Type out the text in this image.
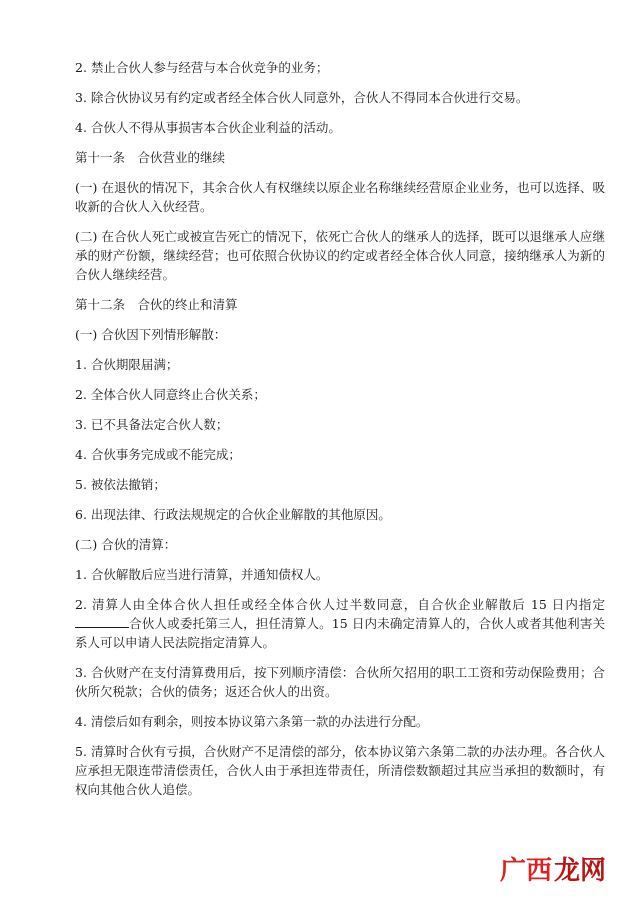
2. 禁止合伙人参与经营与本合伙竞争的业务；

3. 除合伙协议另有约定或者经全体合伙人同意外，合伙人不得同本合伙进行交易。

4. 合伙人不得从事损害本合伙企业利益的活动。

第十一条　合伙营业的继续

(一) 在退伙的情况下，其余合伙人有权继续以原企业名称继续经营原企业业务，也可以选择、吸收新的合伙人入伙经营。

(二) 在合伙人死亡或被宣告死亡的情况下，依死亡合伙人的继承人的选择，既可以退继承人应继承的财产份额，继续经营；也可依照合伙协议的约定或者经全体合伙人同意，接纳继承人为新的合伙人继续经营。

第十二条　合伙的终止和清算

(一) 合伙因下列情形解散：

1. 合伙期限届满；

2. 全体合伙人同意终止合伙关系；

3. 已不具备法定合伙人数；

4. 合伙事务完成或不能完成；

5. 被依法撤销；

6. 出现法律、行政法规规定的合伙企业解散的其他原因。

(二) 合伙的清算：

1. 合伙解散后应当进行清算，并通知债权人。

2. 清算人由全体合伙人担任或经全体合伙人过半数同意，自合伙企业解散后 15 日内指定合伙人或委托第三人，担任清算人。15 日内未确定清算人的，合伙人或者其他利害关系人可以申请人民法院指定清算人。

3. 合伙财产在支付清算费用后，按下列顺序清偿：合伙所欠招用的职工工资和劳动保险费用；合伙所欠税款；合伙的债务；返还合伙人的出资。

4. 清偿后如有剩余，则按本协议第六条第一款的办法进行分配。

5. 清算时合伙有亏损，合伙财产不足清偿的部分，依本协议第六条第二款的办法办理。各合伙人应承担无限连带清偿责任，合伙人由于承担连带责任，所清偿数额超过其应当承担的数额时，有权向其他合伙人追偿。

广西 龙网
